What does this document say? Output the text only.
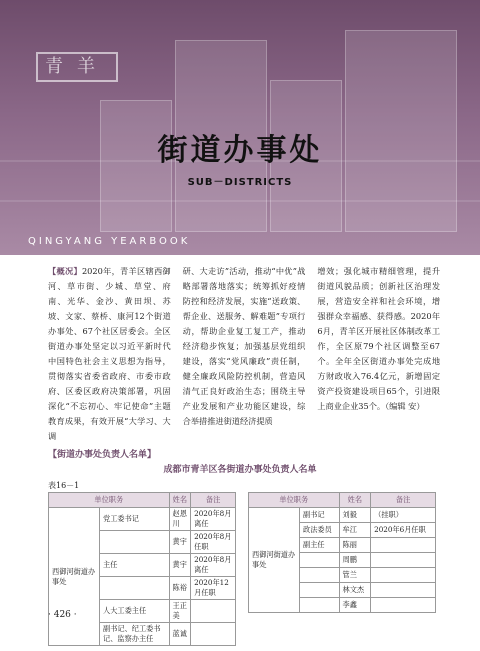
青羊
QINGYANG YEARBOOK
街道办事处
SUB－DISTRICTS
【概况】2020年，青羊区辖西御河、草市街、少城、草堂、府南、光华、金沙、黄田坝、苏坡、文家、蔡桥、康河12个街道办事处、67个社区居委会。全区街道办事处坚定以习近平新时代中国特色社会主义思想为指导，贯彻落实省委省政府、市委市政府、区委区政府决策部署，巩固深化“不忘初心、牢记使命”主题教育成果，有效开展“大学习、大调
研、大走访”活动，推动“中优”战略部署落地落实；统筹抓好疫情防控和经济发展，实施“送政策、帮企业、送服务、解难题”专项行动，帮助企业复工复工产，推动经济稳步恢复；加强基层党组织建设，落实“党风廉政”责任制，健全廉政风险防控机制，营造风清气正良好政治生态；围绕主导产业发展和产业功能区建设，综合举措推进街道经济提质
增效；强化城市精细管理，提升街道风貌品质；创新社区治理发展，营造安全祥和社会环境，增强群众幸福感、获得感。2020年6月，青羊区开展社区体制改革工作，全区原79个社区调整至67个。全年全区街道办事处完成地方财政收入76.4亿元，新增固定资产投资建设项目65个，引进限上商业企业35个。（编辑 安）
【街道办事处负责人名单】
成都市青羊区各街道办事处负责人名单
表16－1
单位职务		姓名	备注
西御河街道办事处	党工委书记	赵恩川	2020年8月离任
		黄宇	2020年8月任职
	主任	黄宇	2020年8月离任
		陈裕	2020年12月任职
	人大工委主任	王正美	
	副书记、纪工委书记、监察办主任	蓝诚	
单位职务		姓名	备注
西御河街道办事处	副书记	刘毅	（挂职）
	政法委员	牟江	2020年6月任职
	副主任	陈丽	
		周鹏	
		管兰	
		林文杰	
		李鑫	
· 426 ·
